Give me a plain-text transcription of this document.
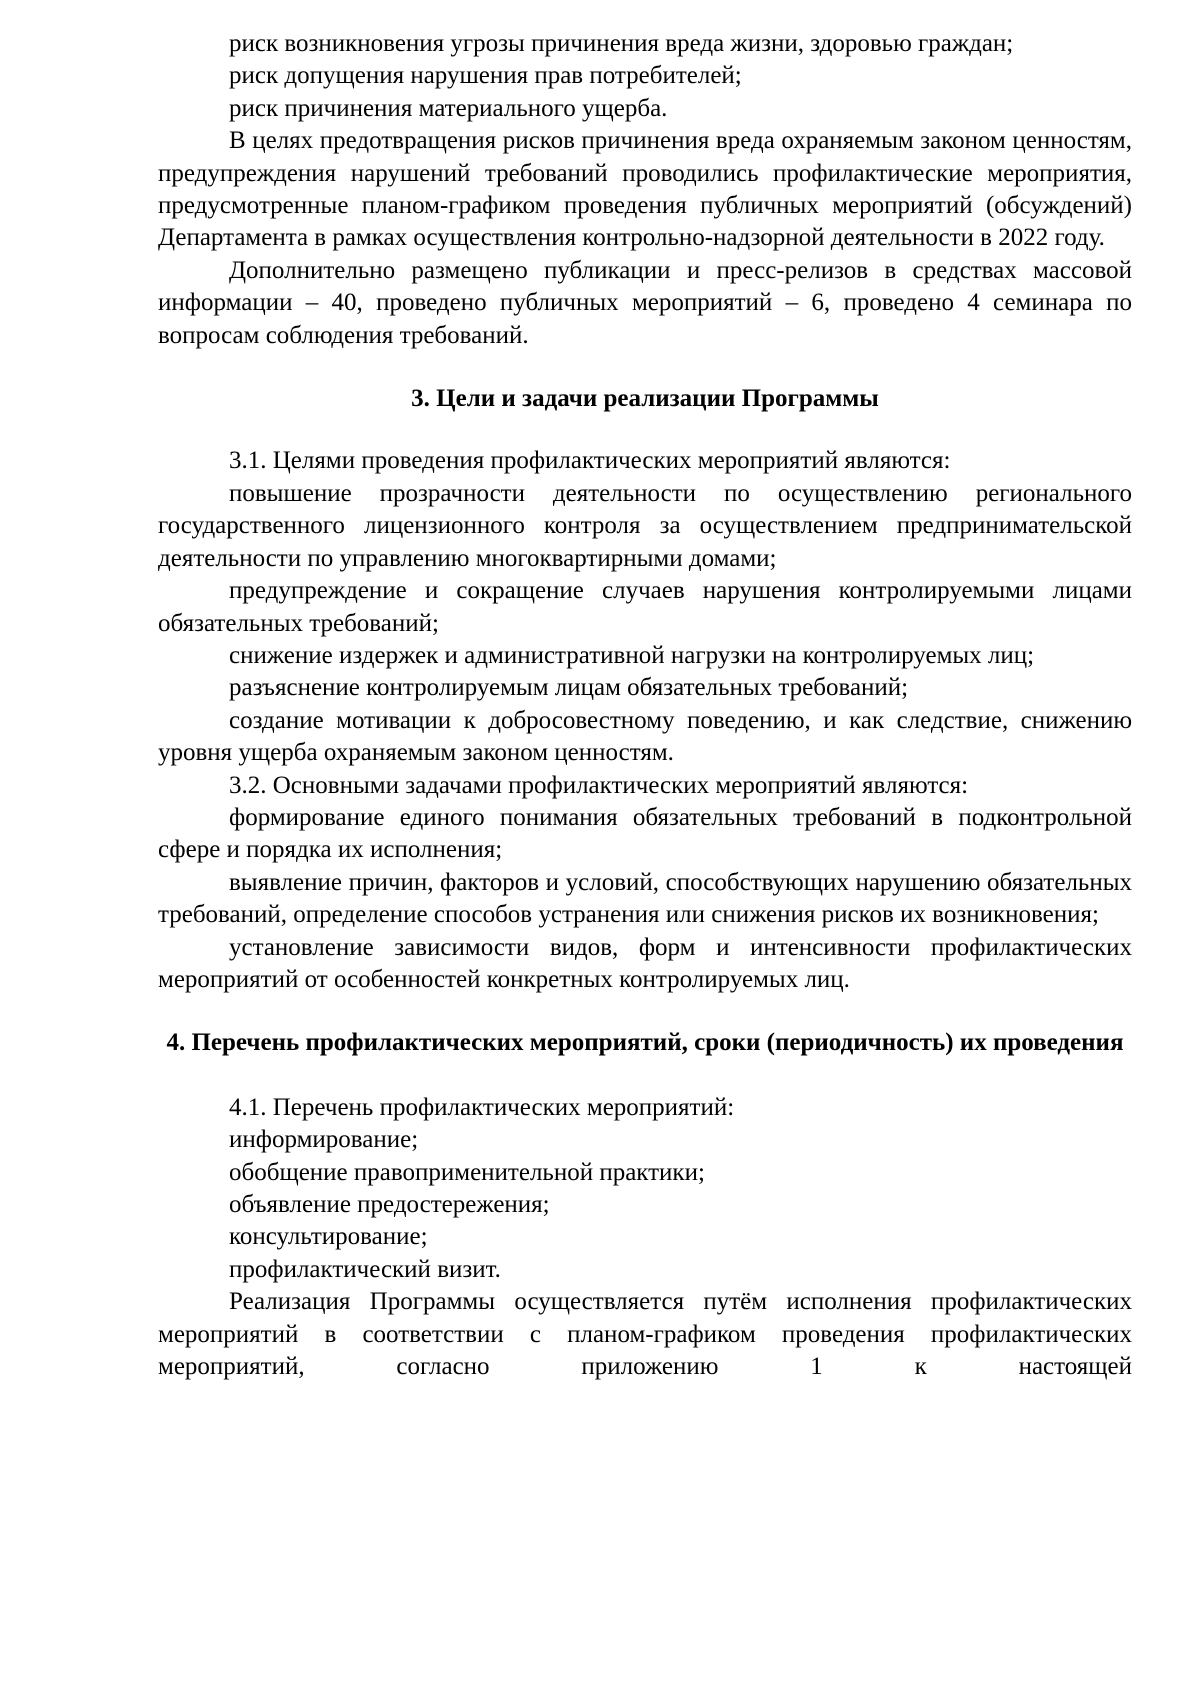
риск возникновения угрозы причинения вреда жизни, здоровью граждан;

риск допущения нарушения прав потребителей;

риск причинения материального ущерба.

В целях предотвращения рисков причинения вреда охраняемым законом ценностям, предупреждения нарушений требований проводились профилактические мероприятия, предусмотренные планом-графиком проведения публичных мероприятий (обсуждений) Департамента в рамках осуществления контрольно-надзорной деятельности в 2022 году.

Дополнительно размещено публикации и пресс-релизов в средствах массовой информации – 40, проведено публичных мероприятий – 6, проведено 4 семинара по вопросам соблюдения требований.

3. Цели и задачи реализации Программы

3.1. Целями проведения профилактических мероприятий являются:

повышение прозрачности деятельности по осуществлению регионального государственного лицензионного контроля за осуществлением предпринимательской деятельности по управлению многоквартирными домами;

предупреждение и сокращение случаев нарушения контролируемыми лицами обязательных требований;

снижение издержек и административной нагрузки на контролируемых лиц;

разъяснение контролируемым лицам обязательных требований;

создание мотивации к добросовестному поведению, и как следствие, снижению уровня ущерба охраняемым законом ценностям.

3.2. Основными задачами профилактических мероприятий являются:

формирование единого понимания обязательных требований в подконтрольной сфере и порядка их исполнения;

выявление причин, факторов и условий, способствующих нарушению обязательных требований, определение способов устранения или снижения рисков их возникновения;

установление зависимости видов, форм и интенсивности профилактических мероприятий от особенностей конкретных контролируемых лиц.

4. Перечень профилактических мероприятий, сроки (периодичность) их проведения

4.1. Перечень профилактических мероприятий:

информирование;

обобщение правоприменительной практики;

объявление предостережения;

консультирование;

профилактический визит.

Реализация Программы осуществляется путём исполнения профилактических мероприятий в соответствии с планом-графиком проведения профилактических мероприятий, согласно приложению 1 к настоящей
